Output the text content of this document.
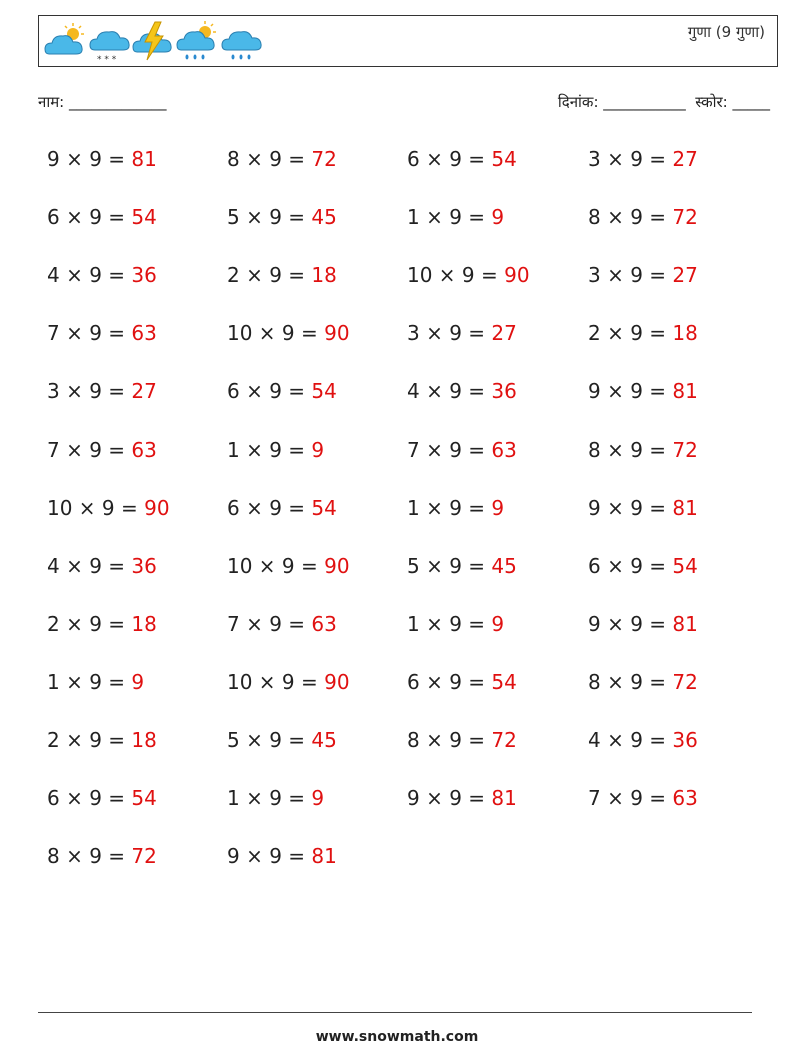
* * *
गुणा (9 गुणा)
नाम: _____________	दिनांक: ___________  स्कोर: _____
9 × 9 = 81	8 × 9 = 72	6 × 9 = 54	3 × 9 = 27
6 × 9 = 54	5 × 9 = 45	1 × 9 = 9	8 × 9 = 72
4 × 9 = 36	2 × 9 = 18	10 × 9 = 90	3 × 9 = 27
7 × 9 = 63	10 × 9 = 90	3 × 9 = 27	2 × 9 = 18
3 × 9 = 27	6 × 9 = 54	4 × 9 = 36	9 × 9 = 81
7 × 9 = 63	1 × 9 = 9	7 × 9 = 63	8 × 9 = 72
10 × 9 = 90	6 × 9 = 54	1 × 9 = 9	9 × 9 = 81
4 × 9 = 36	10 × 9 = 90	5 × 9 = 45	6 × 9 = 54
2 × 9 = 18	7 × 9 = 63	1 × 9 = 9	9 × 9 = 81
1 × 9 = 9	10 × 9 = 90	6 × 9 = 54	8 × 9 = 72
2 × 9 = 18	5 × 9 = 45	8 × 9 = 72	4 × 9 = 36
6 × 9 = 54	1 × 9 = 9	9 × 9 = 81	7 × 9 = 63
8 × 9 = 72	9 × 9 = 81
www.snowmath.com
